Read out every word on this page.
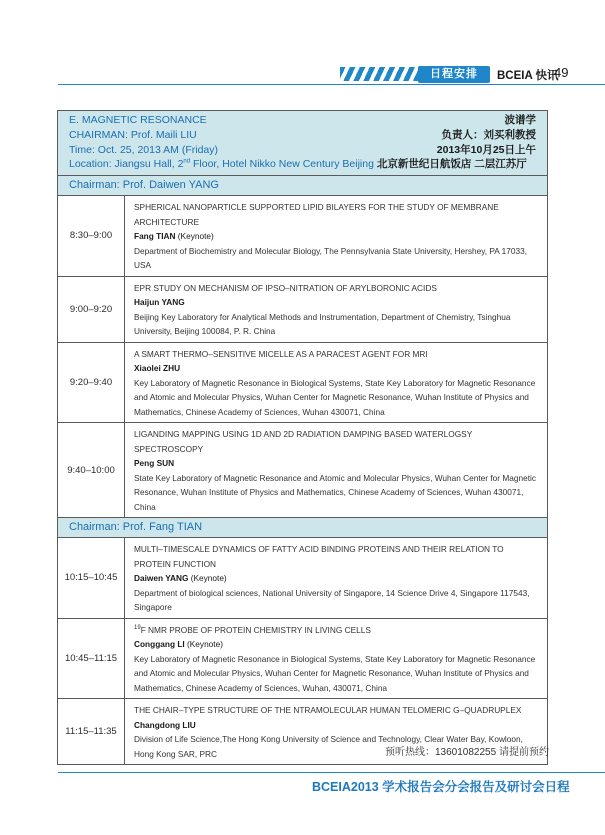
日程安排	BCEIA 快讯
49
E. MAGNETIC RESONANCE	波谱学
CHAIRMAN: Prof. Maili LIU	负责人：刘买利教授
Time: Oct. 25, 2013 AM (Friday)	2013年10月25日上午
Location: Jiangsu Hall, 2nd Floor, Hotel Nikko New Century Beijing 北京新世纪日航饭店 二层江苏厅
Chairman: Prof. Daiwen YANG
8:30–9:00
SPHERICAL NANOPARTICLE SUPPORTED LIPID BILAYERS FOR THE STUDY OF MEMBRANE ARCHITECTURE
Fang TIAN (Keynote)
Department of Biochemistry and Molecular Biology, The Pennsylvania State University, Hershey, PA 17033, USA
9:00–9:20
EPR STUDY ON MECHANISM OF IPSO–NITRATION OF ARYLBORONIC ACIDS
Haijun YANG
Beijing Key Laboratory for Analytical Methods and Instrumentation, Department of Chemistry, Tsinghua University, Beijing 100084, P. R. China
9:20–9:40
A SMART THERMO–SENSITIVE MICELLE AS A PARACEST AGENT FOR MRI
Xiaolei ZHU
Key Laboratory of Magnetic Resonance in Biological Systems, State Key Laboratory for Magnetic Resonance and Atomic and Molecular Physics, Wuhan Center for Magnetic Resonance, Wuhan Institute of Physics and Mathematics, Chinese Academy of Sciences, Wuhan 430071, China
9:40–10:00
LIGANDING MAPPING USING 1D AND 2D RADIATION DAMPING BASED WATERLOGSY SPECTROSCOPY
Peng SUN
State Key Laboratory of Magnetic Resonance and Atomic and Molecular Physics, Wuhan Center for Magnetic Resonance, Wuhan Institute of Physics and Mathematics, Chinese Academy of Sciences, Wuhan 430071, China
Chairman: Prof. Fang TIAN
10:15–10:45
MULTI–TIMESCALE DYNAMICS OF FATTY ACID BINDING PROTEINS AND THEIR RELATION TO PROTEIN FUNCTION
Daiwen YANG (Keynote)
Department of biological sciences, National University of Singapore, 14 Science Drive 4, Singapore 117543, Singapore
10:45–11:15
$^{19}$F NMR PROBE OF PROTEIN CHEMISTRY IN LIVING CELLS
Conggang LI (Keynote)
Key Laboratory of Magnetic Resonance in Biological Systems, State Key Laboratory for Magnetic Resonance and Atomic and Molecular Physics, Wuhan Center for Magnetic Resonance, Wuhan Institute of Physics and Mathematics, Chinese Academy of Sciences, Wuhan, 430071, China
11:15–11:35
THE CHAIR–TYPE STRUCTURE OF THE NTRAMOLECULAR HUMAN TELOMERIC G–QUADRUPLEX
Changdong LIU
Division of Life Science,The Hong Kong University of Science and Technology, Clear Water Bay, Kowloon, Hong Kong SAR, PRC	预听热线：13601082255 请提前预约
BCEIA2013 学术报告会分会报告及研讨会日程
